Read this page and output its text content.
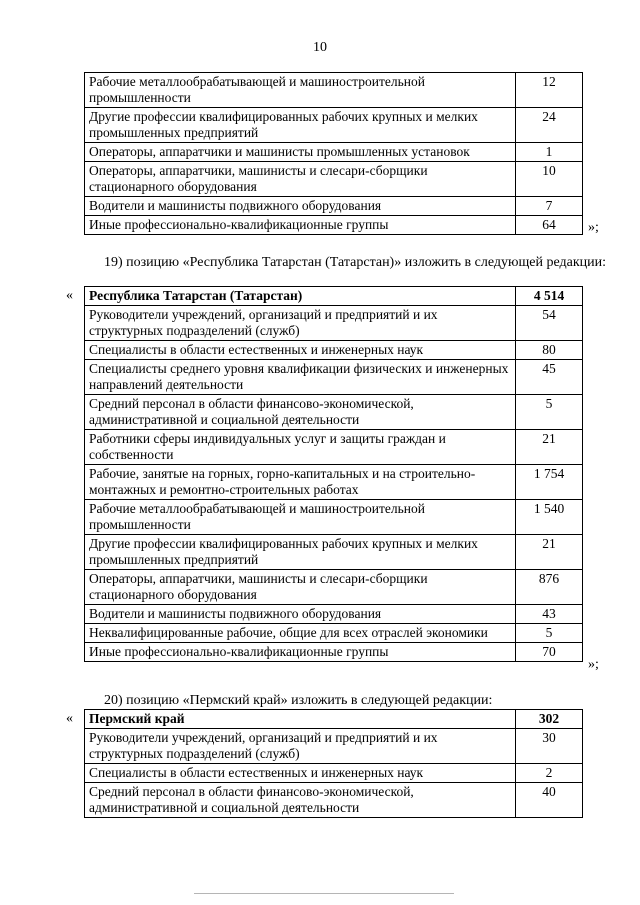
10
Рабочие металлообрабатывающей и машиностроительной промышленности	12
Другие профессии квалифицированных рабочих крупных и мелких промышленных предприятий	24
Операторы, аппаратчики и машинисты промышленных установок	1
Операторы, аппаратчики, машинисты и слесари-сборщики стационарного оборудования	10
Водители и машинисты подвижного оборудования	7
Иные профессионально-квалификационные группы	64 »;
19) позицию «Республика Татарстан (Татарстан)» изложить в следующей редакции:
« Республика Татарстан (Татарстан)	4 514
Руководители учреждений, организаций и предприятий и их структурных подразделений (служб)	54
Специалисты в области естественных и инженерных наук	80
Специалисты среднего уровня квалификации физических и инженерных направлений деятельности	45
Средний персонал в области финансово-экономической, административной и социальной деятельности	5
Работники сферы индивидуальных услуг и защиты граждан и собственности	21
Рабочие, занятые на горных, горно-капитальных и на строительно-монтажных и ремонтно-строительных работах	1 754
Рабочие металлообрабатывающей и машиностроительной промышленности	1 540
Другие профессии квалифицированных рабочих крупных и мелких промышленных предприятий	21
Операторы, аппаратчики, машинисты и слесари-сборщики стационарного оборудования	876
Водители и машинисты подвижного оборудования	43
Неквалифицированные рабочие, общие для всех отраслей экономики	5
Иные профессионально-квалификационные группы	70
»;
20) позицию «Пермский край» изложить в следующей редакции:
« Пермский край	302
Руководители учреждений, организаций и предприятий и их структурных подразделений (служб)	30
Специалисты в области естественных и инженерных наук	2
Средний персонал в области финансово-экономической, административной и социальной деятельности	40
